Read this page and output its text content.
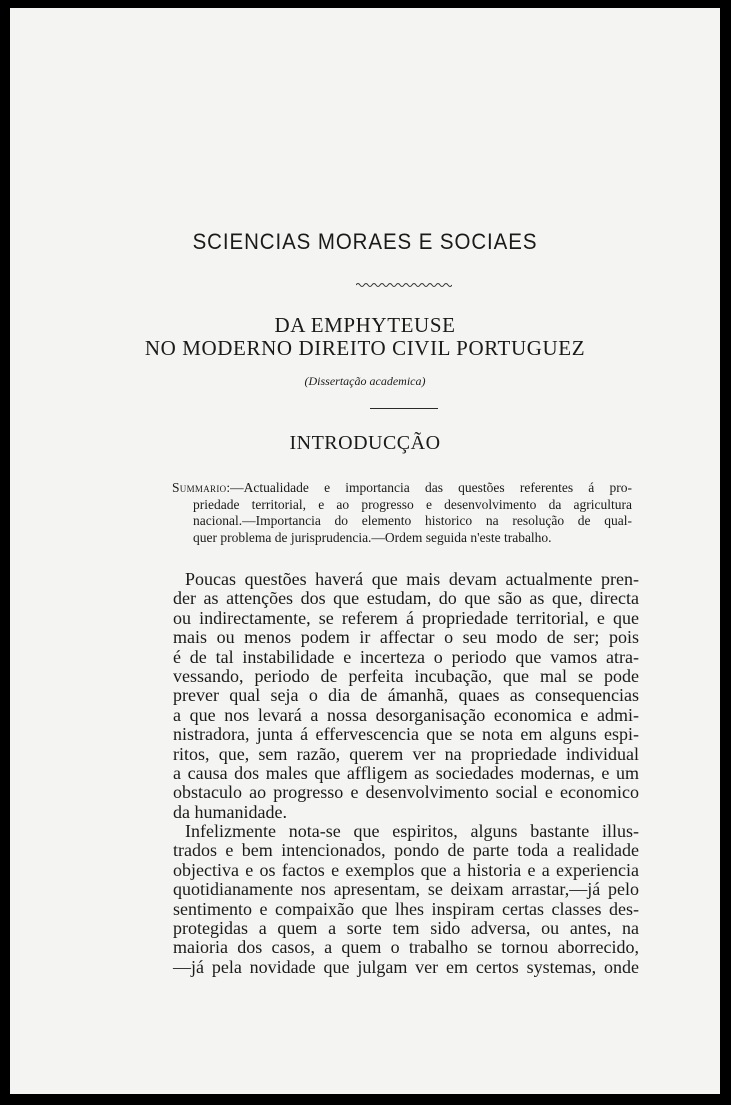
SCIENCIAS MORAES E SOCIAES
DA EMPHYTEUSE
NO MODERNO DIREITO CIVIL PORTUGUEZ
(Dissertação academica)
INTRODUCÇÃO
Summario:—Actualidade e importancia das questões referentes á pro-
priedade territorial, e ao progresso e desenvolvimento da agricultura
nacional.—Importancia do elemento historico na resolução de qual-
quer problema de jurisprudencia.—Ordem seguida n'este trabalho.
Poucas questões haverá que mais devam actualmente pren-
der as attenções dos que estudam, do que são as que, directa
ou indirectamente, se referem á propriedade territorial, e que
mais ou menos podem ir affectar o seu modo de ser; pois
é de tal instabilidade e incerteza o periodo que vamos atra-
vessando, periodo de perfeita incubação, que mal se pode
prever qual seja o dia de ámanhã, quaes as consequencias
a que nos levará a nossa desorganisação economica e admi-
nistradora, junta á effervescencia que se nota em alguns espi-
ritos, que, sem razão, querem ver na propriedade individual
a causa dos males que affligem as sociedades modernas, e um
obstaculo ao progresso e desenvolvimento social e economico
da humanidade.
Infelizmente nota-se que espiritos, alguns bastante illus-
trados e bem intencionados, pondo de parte toda a realidade
objectiva e os factos e exemplos que a historia e a experiencia
quotidianamente nos apresentam, se deixam arrastar,—já pelo
sentimento e compaixão que lhes inspiram certas classes des-
protegidas a quem a sorte tem sido adversa, ou antes, na
maioria dos casos, a quem o trabalho se tornou aborrecido,
—já pela novidade que julgam ver em certos systemas, onde
